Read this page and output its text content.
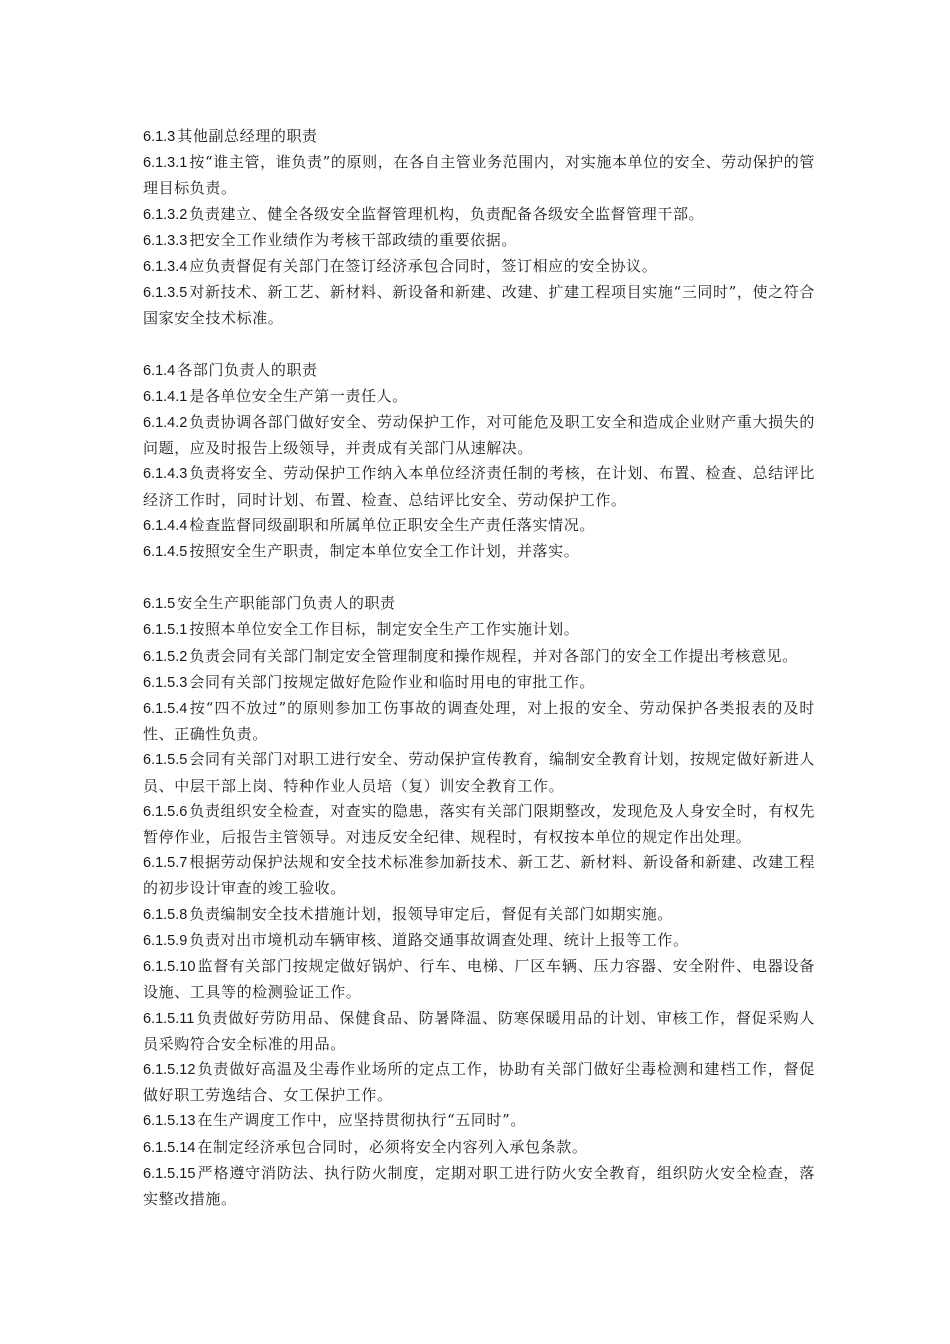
6.1.3 其他副总经理的职责

6.1.3.1 按“谁主管，谁负责”的原则，在各自主管业务范围内，对实施本单位的安全、劳动保护的管理目标负责。

6.1.3.2 负责建立、健全各级安全监督管理机构，负责配备各级安全监督管理干部。

6.1.3.3 把安全工作业绩作为考核干部政绩的重要依据。

6.1.3.4 应负责督促有关部门在签订经济承包合同时，签订相应的安全协议。

6.1.3.5 对新技术、新工艺、新材料、新设备和新建、改建、扩建工程项目实施“三同时”，使之符合国家安全技术标准。

6.1.4 各部门负责人的职责

6.1.4.1 是各单位安全生产第一责任人。

6.1.4.2 负责协调各部门做好安全、劳动保护工作，对可能危及职工安全和造成企业财产重大损失的问题，应及时报告上级领导，并责成有关部门从速解决。

6.1.4.3 负责将安全、劳动保护工作纳入本单位经济责任制的考核，在计划、布置、检查、总结评比经济工作时，同时计划、布置、检查、总结评比安全、劳动保护工作。

6.1.4.4 检查监督同级副职和所属单位正职安全生产责任落实情况。

6.1.4.5 按照安全生产职责，制定本单位安全工作计划，并落实。

6.1.5 安全生产职能部门负责人的职责

6.1.5.1 按照本单位安全工作目标，制定安全生产工作实施计划。

6.1.5.2 负责会同有关部门制定安全管理制度和操作规程，并对各部门的安全工作提出考核意见。

6.1.5.3 会同有关部门按规定做好危险作业和临时用电的审批工作。

6.1.5.4 按“四不放过”的原则参加工伤事故的调查处理，对上报的安全、劳动保护各类报表的及时性、正确性负责。

6.1.5.5 会同有关部门对职工进行安全、劳动保护宣传教育，编制安全教育计划，按规定做好新进人员、中层干部上岗、特种作业人员培（复）训安全教育工作。

6.1.5.6 负责组织安全检查，对查实的隐患，落实有关部门限期整改，发现危及人身安全时，有权先暂停作业，后报告主管领导。对违反安全纪律、规程时，有权按本单位的规定作出处理。

6.1.5.7 根据劳动保护法规和安全技术标准参加新技术、新工艺、新材料、新设备和新建、改建工程的初步设计审查的竣工验收。

6.1.5.8 负责编制安全技术措施计划，报领导审定后，督促有关部门如期实施。

6.1.5.9 负责对出市境机动车辆审核、道路交通事故调查处理、统计上报等工作。

6.1.5.10 监督有关部门按规定做好锅炉、行车、电梯、厂区车辆、压力容器、安全附件、电器设备设施、工具等的检测验证工作。

6.1.5.11 负责做好劳防用品、保健食品、防暑降温、防寒保暖用品的计划、审核工作，督促采购人员采购符合安全标准的用品。

6.1.5.12 负责做好高温及尘毒作业场所的定点工作，协助有关部门做好尘毒检测和建档工作，督促做好职工劳逸结合、女工保护工作。

6.1.5.13 在生产调度工作中，应坚持贯彻执行“五同时”。

6.1.5.14 在制定经济承包合同时，必须将安全内容列入承包条款。

6.1.5.15 严格遵守消防法、执行防火制度，定期对职工进行防火安全教育，组织防火安全检查，落实整改措施。
